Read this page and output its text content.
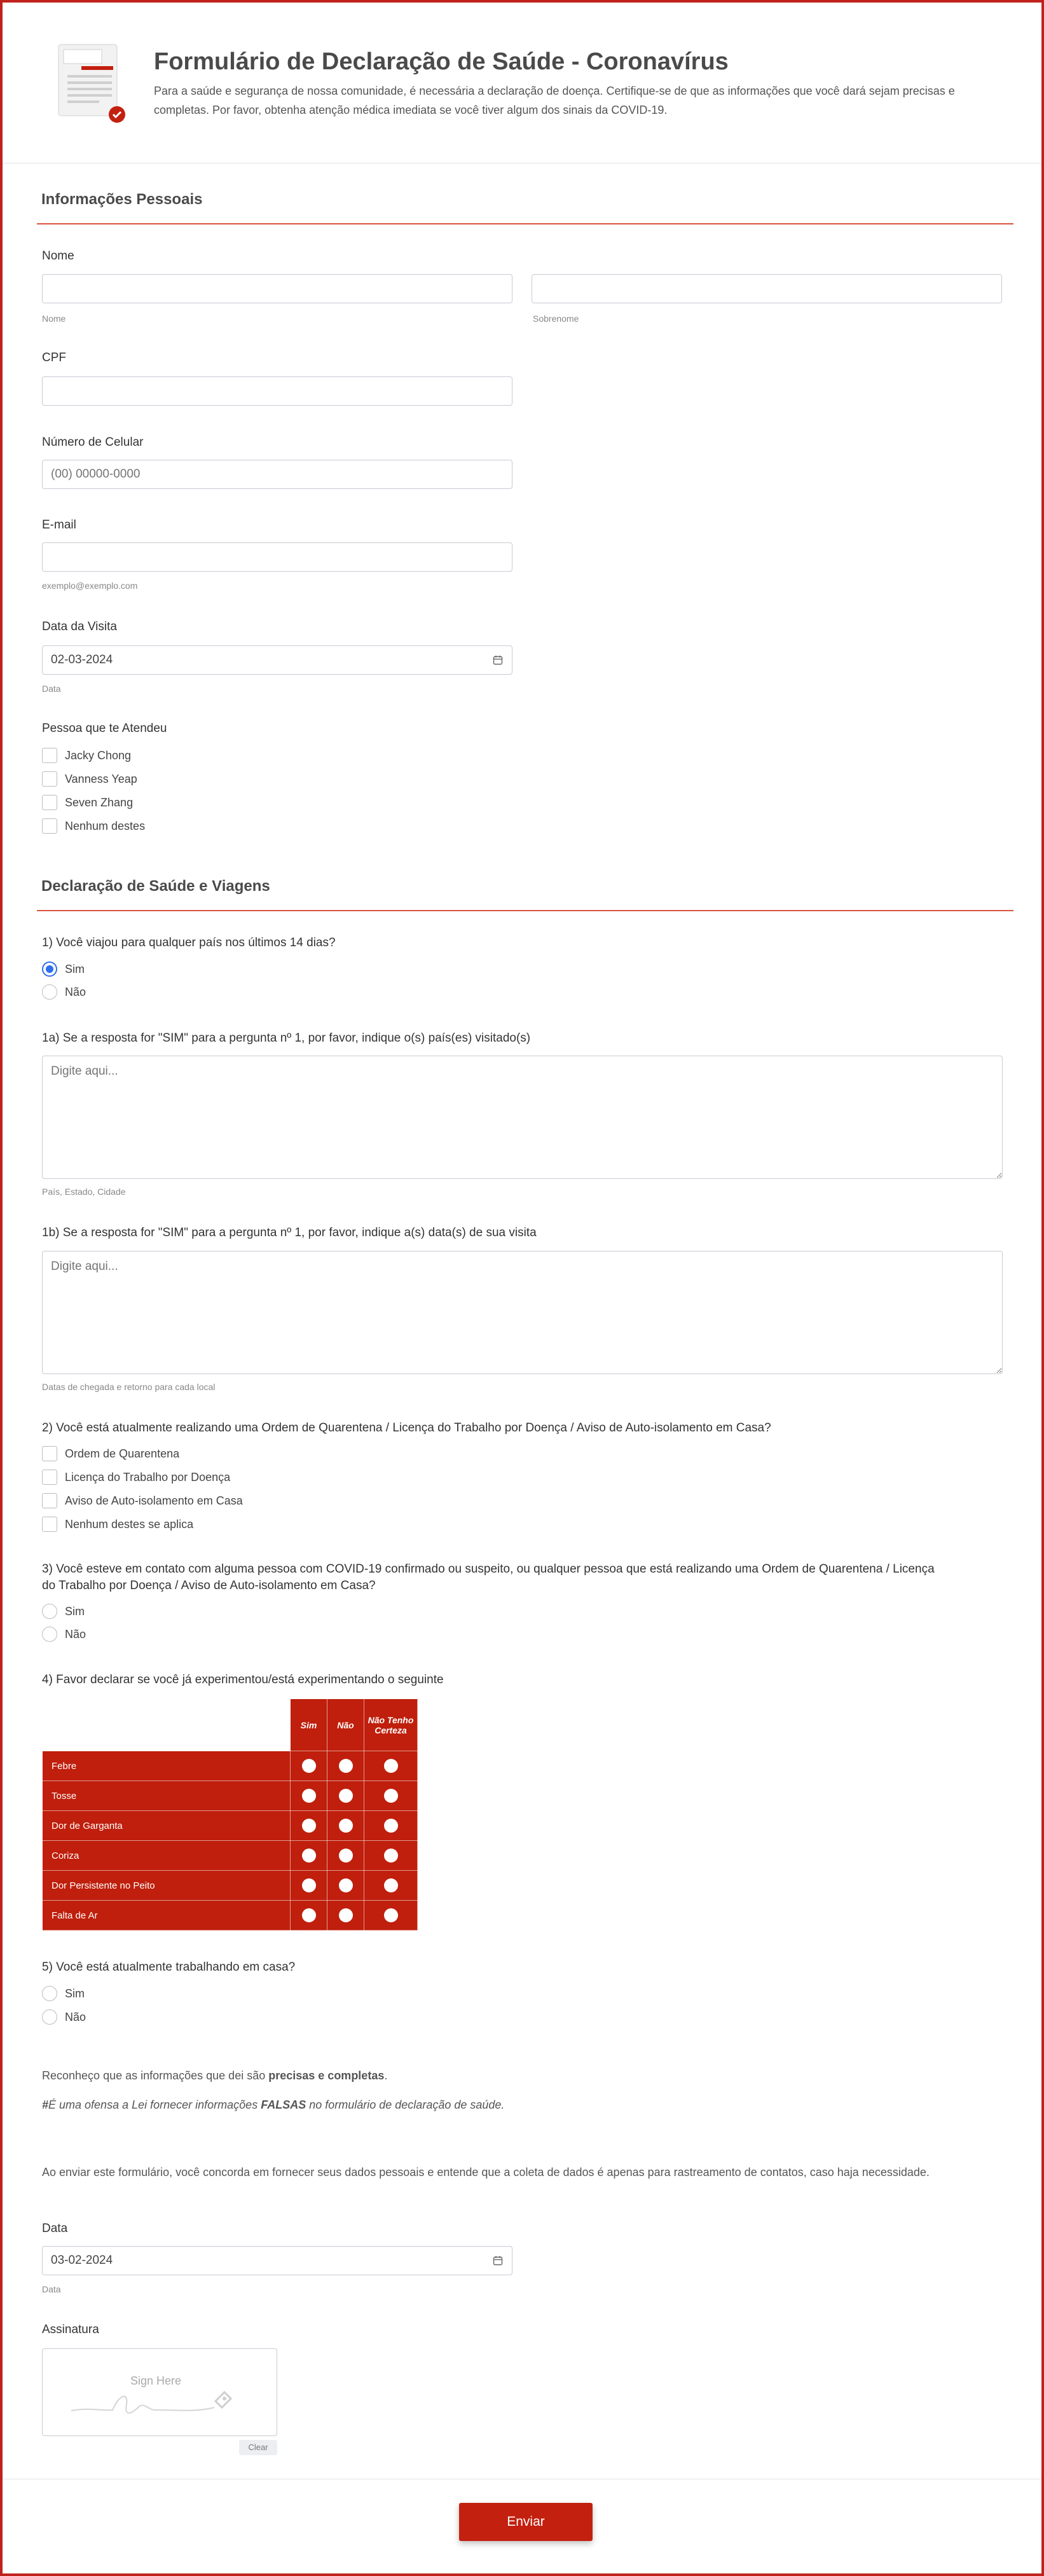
Formulário de Declaração de Saúde - Coronavírus
Para a saúde e segurança de nossa comunidade, é necessária a declaração de doença. Certifique-se de que as informações que você dará sejam precisas e completas. Por favor, obtenha atenção médica imediata se você tiver algum dos sinais da COVID-19.
Informações Pessoais
Nome
Nome	Sobrenome
CPF
Número de Celular
(00) 00000-0000
E-mail
exemplo@exemplo.com
Data da Visita
02-03-2024
Data
Pessoa que te Atendeu
Jacky Chong
Vanness Yeap
Seven Zhang
Nenhum destes
Declaração de Saúde e Viagens
1) Você viajou para qualquer país nos últimos 14 dias?
Sim
Não
1a) Se a resposta for "SIM" para a pergunta nº 1, por favor, indique o(s) país(es) visitado(s)
Digite aqui...
País, Estado, Cidade
1b) Se a resposta for "SIM" para a pergunta nº 1, por favor, indique a(s) data(s) de sua visita
Digite aqui...
Datas de chegada e retorno para cada local
2) Você está atualmente realizando uma Ordem de Quarentena / Licença do Trabalho por Doença / Aviso de Auto-isolamento em Casa?
Ordem de Quarentena
Licença do Trabalho por Doença
Aviso de Auto-isolamento em Casa
Nenhum destes se aplica
3) Você esteve em contato com alguma pessoa com COVID-19 confirmado ou suspeito, ou qualquer pessoa que está realizando uma Ordem de Quarentena / Licença
do Trabalho por Doença / Aviso de Auto-isolamento em Casa?
Sim
Não
4) Favor declarar se você já experimentou/está experimentando o seguinte
	Sim	Não	Não Tenho Certeza
Febre			
Tosse			
Dor de Garganta			
Coriza			
Dor Persistente no Peito			
Falta de Ar			
5) Você está atualmente trabalhando em casa?
Sim
Não
Reconheço que as informações que dei são precisas e completas.
#É uma ofensa a Lei fornecer informações FALSAS no formulário de declaração de saúde.
Ao enviar este formulário, você concorda em fornecer seus dados pessoais e entende que a coleta de dados é apenas para rastreamento de contatos, caso haja necessidade.
Data
03-02-2024
Data
Assinatura
Sign Here
Clear
Enviar
